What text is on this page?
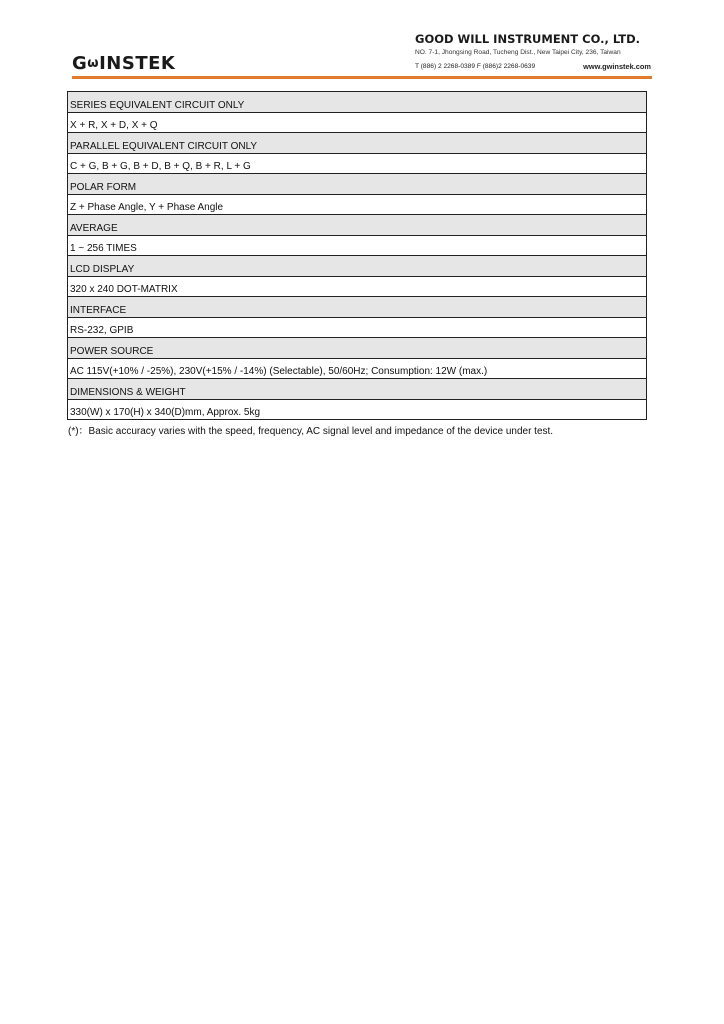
GωINSTEK
GOOD WILL INSTRUMENT CO., LTD.
NO. 7-1, Jhongsing Road, Tucheng Dist., New Taipei City, 236, Taiwan
T (886) 2 2268-0389 F (886)2 2268-0639	www.gwinstek.com
SERIES EQUIVALENT CIRCUIT ONLY
X + R, X + D, X + Q
PARALLEL EQUIVALENT CIRCUIT ONLY
C + G, B + G, B + D, B + Q, B + R, L + G
POLAR FORM
Z + Phase Angle, Y + Phase Angle
AVERAGE
1 ~ 256 TIMES
LCD DISPLAY
320 x 240 DOT-MATRIX
INTERFACE
RS-232, GPIB
POWER SOURCE
AC 115V(+10% / -25%), 230V(+15% / -14%) (Selectable), 50/60Hz; Consumption: 12W (max.)
DIMENSIONS & WEIGHT
330(W) x 170(H) x 340(D)mm, Approx. 5kg
(*)：Basic accuracy varies with the speed, frequency, AC signal level and impedance of the device under test.
